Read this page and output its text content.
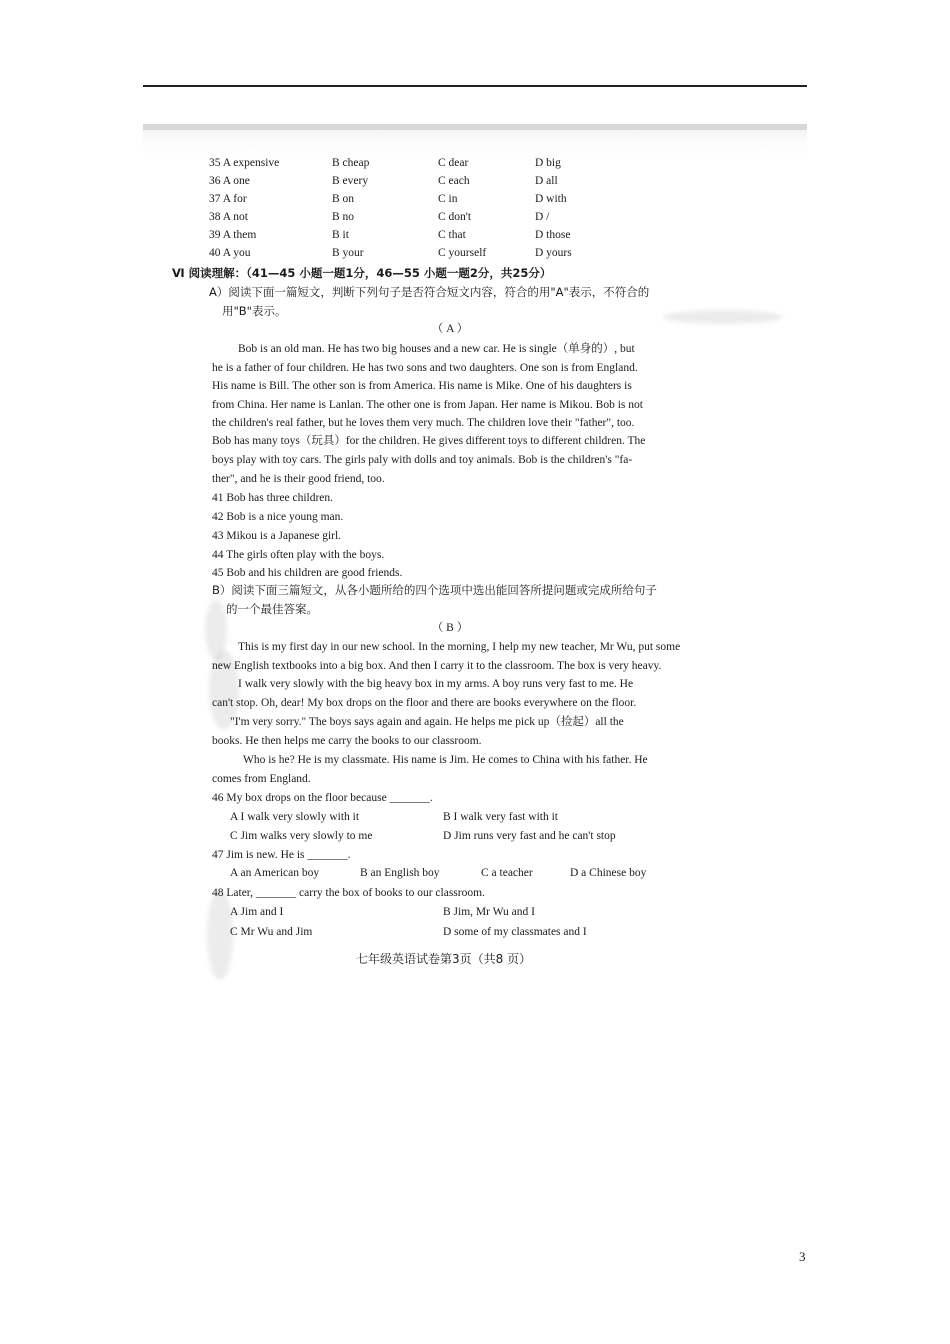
35 A expensive	B cheap	C dear	D big
36 A one	B every	C each	D all
37 A for	B on	C in	D with
38 A not	B no	C don't	D /
39 A them	B it	C that	D those
40 A you	B your	C yourself	D yours
Ⅵ 阅读理解：（41—45 小题一题1分，46—55 小题一题2分，共25分）
A）阅读下面一篇短文，判断下列句子是否符合短文内容，符合的用"A"表示，不符合的
用"B"表示。
（ A ）
Bob is an old man. He has two big houses and a new car. He is single（单身的）, but
he is a father of four children. He has two sons and two daughters. One son is from England.
His name is Bill. The other son is from America. His name is Mike. One of his daughters is
from China. Her name is Lanlan. The other one is from Japan. Her name is Mikou. Bob is not
the children's real father, but he loves them very much. The children love their "father", too.
Bob has many toys（玩具）for the children. He gives different toys to different children. The
boys play with toy cars. The girls paly with dolls and toy animals. Bob is the children's "fa-
ther", and he is their good friend, too.
41 Bob has three children.
42 Bob is a nice young man.
43 Mikou is a Japanese girl.
44 The girls often play with the boys.
45 Bob and his children are good friends.
B）阅读下面三篇短文，从各小题所给的四个选项中选出能回答所提问题或完成所给句子
的一个最佳答案。
（ B ）
This is my first day in our new school. In the morning, I help my new teacher, Mr Wu, put some
new English textbooks into a big box. And then I carry it to the classroom. The box is very heavy.
I walk very slowly with the big heavy box in my arms. A boy runs very fast to me. He
can't stop. Oh, dear! My box drops on the floor and there are books everywhere on the floor.
"I'm very sorry." The boys says again and again. He helps me pick up（捡起）all the
books. He then helps me carry the books to our classroom.
Who is he? He is my classmate. His name is Jim. He comes to China with his father. He
comes from England.
46 My box drops on the floor because _______.
A I walk very slowly with it	B I walk very fast with it
C Jim walks very slowly to me	D Jim runs very fast and he can't stop
47 Jim is new. He is _______.
A an American boy	B an English boy	C a teacher	D a Chinese boy
48 Later, _______ carry the box of books to our classroom.
A Jim and I	B Jim, Mr Wu and I
C Mr Wu and Jim	D some of my classmates and I
七年级英语试卷第3页（共8 页）
3
